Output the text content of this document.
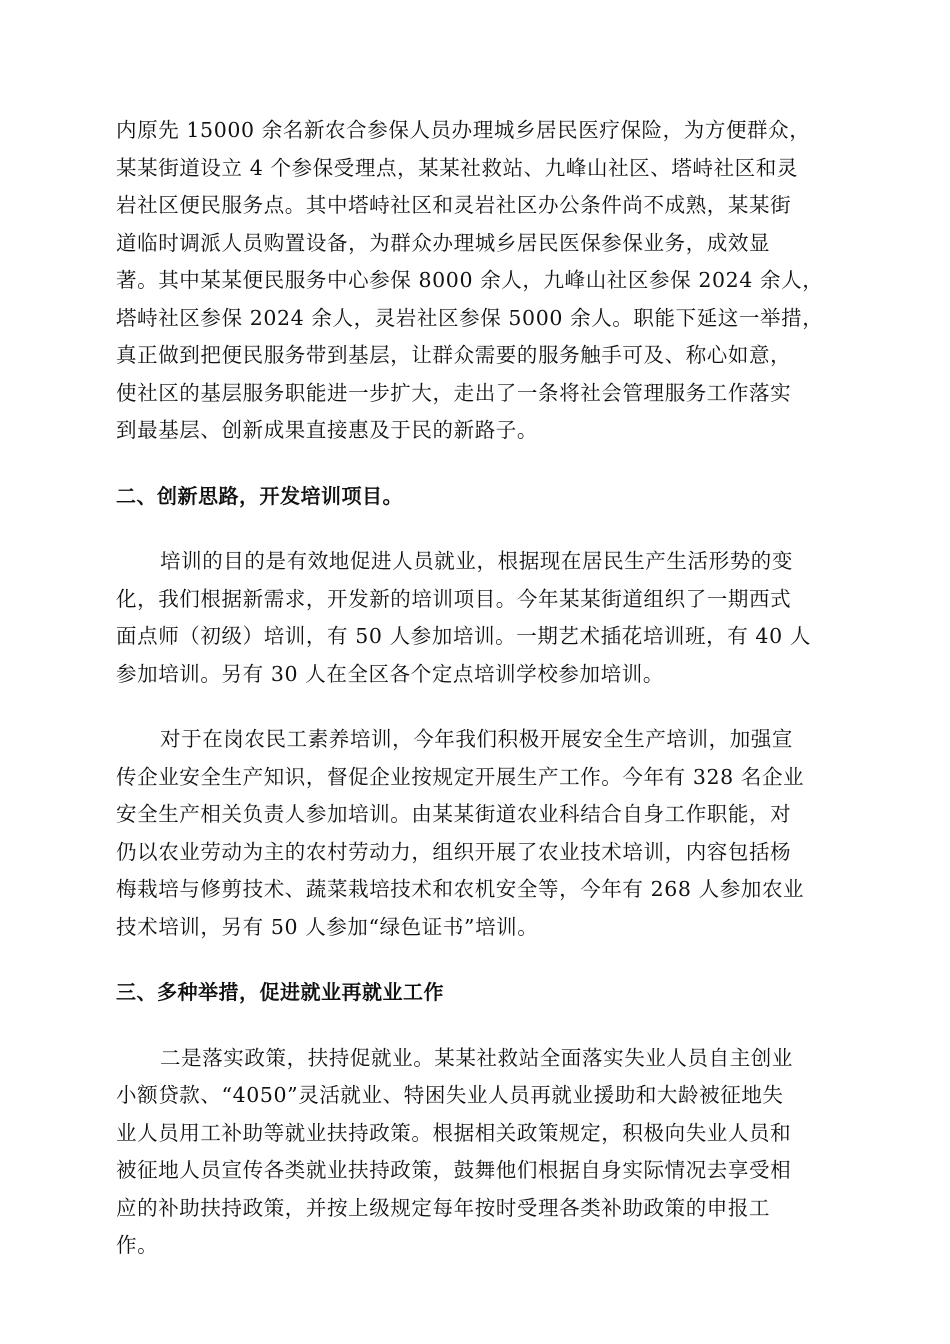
内原先 15000 余名新农合参保人员办理城乡居民医疗保险，为方便群众，
某某街道设立 4 个参保受理点，某某社救站、九峰山社区、塔峙社区和灵
岩社区便民服务点。其中塔峙社区和灵岩社区办公条件尚不成熟，某某街
道临时调派人员购置设备，为群众办理城乡居民医保参保业务，成效显
著。其中某某便民服务中心参保 8000 余人，九峰山社区参保 2024 余人，
塔峙社区参保 2024 余人，灵岩社区参保 5000 余人。职能下延这一举措，
真正做到把便民服务带到基层，让群众需要的服务触手可及、称心如意，
使社区的基层服务职能进一步扩大，走出了一条将社会管理服务工作落实
到最基层、创新成果直接惠及于民的新路子。

二、创新思路，开发培训项目。

培训的目的是有效地促进人员就业，根据现在居民生产生活形势的变
化，我们根据新需求，开发新的培训项目。今年某某街道组织了一期西式
面点师（初级）培训，有 50 人参加培训。一期艺术插花培训班，有 40 人
参加培训。另有 30 人在全区各个定点培训学校参加培训。

对于在岗农民工素养培训，今年我们积极开展安全生产培训，加强宣
传企业安全生产知识，督促企业按规定开展生产工作。今年有 328 名企业
安全生产相关负责人参加培训。由某某街道农业科结合自身工作职能，对
仍以农业劳动为主的农村劳动力，组织开展了农业技术培训，内容包括杨
梅栽培与修剪技术、蔬菜栽培技术和农机安全等，今年有 268 人参加农业
技术培训，另有 50 人参加“绿色证书”培训。

三、多种举措，促进就业再就业工作

二是落实政策，扶持促就业。某某社救站全面落实失业人员自主创业
小额贷款、“4050”灵活就业、特困失业人员再就业援助和大龄被征地失
业人员用工补助等就业扶持政策。根据相关政策规定，积极向失业人员和
被征地人员宣传各类就业扶持政策，鼓舞他们根据自身实际情况去享受相
应的补助扶持政策，并按上级规定每年按时受理各类补助政策的申报工
作。
